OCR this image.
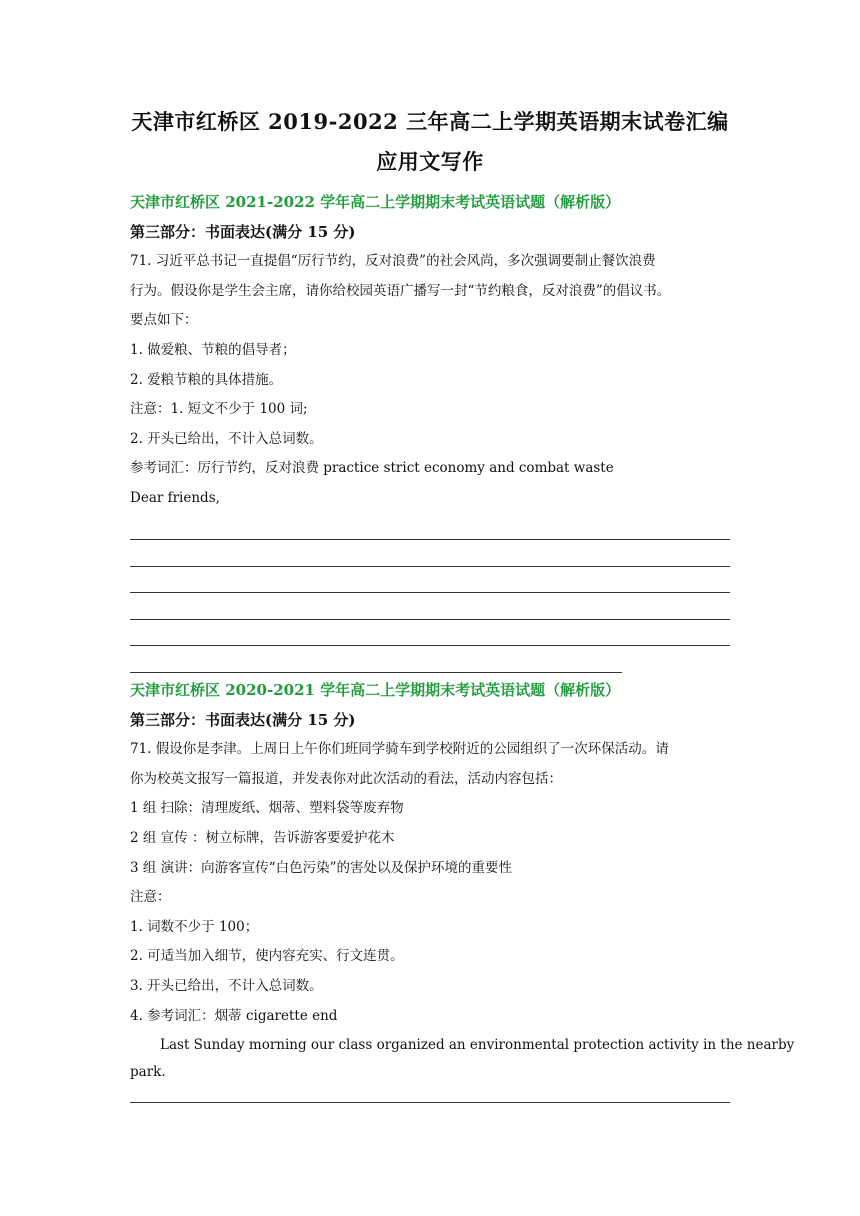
天津市红桥区 2019-2022 三年高二上学期英语期末试卷汇编
应用文写作
天津市红桥区 2021-2022 学年高二上学期期末考试英语试题（解析版）
第三部分：书面表达(满分 15 分)
71. 习近平总书记一直提倡“厉行节约，反对浪费”的社会风尚，多次强调要制止餐饮浪费
行为。假设你是学生会主席，请你给校园英语广播写一封“节约粮食，反对浪费”的倡议书。
要点如下：
1. 做爱粮、节粮的倡导者；
2. 爱粮节粮的具体措施。
注意：1. 短文不少于 100 词;
2. 开头已给出，不计入总词数。
参考词汇：厉行节约，反对浪费 practice strict economy and combat waste
Dear friends,
天津市红桥区 2020-2021 学年高二上学期期末考试英语试题（解析版）
第三部分：书面表达(满分 15 分)
71. 假设你是李津。上周日上午你们班同学骑车到学校附近的公园组织了一次环保活动。请
你为校英文报写一篇报道，并发表你对此次活动的看法，活动内容包括：
1 组 扫除：清理废纸、烟蒂、塑料袋等废弃物
2 组 宣传 ：树立标牌，告诉游客要爱护花木
3 组 演讲：向游客宣传“白色污染”的害处以及保护环境的重要性
注意：
1. 词数不少于 100；
2. 可适当加入细节，使内容充实、行文连贯。
3. 开头已给出，不计入总词数。
4. 参考词汇：烟蒂 cigarette end
Last Sunday morning our class organized an environmental protection activity in the nearby
park.
